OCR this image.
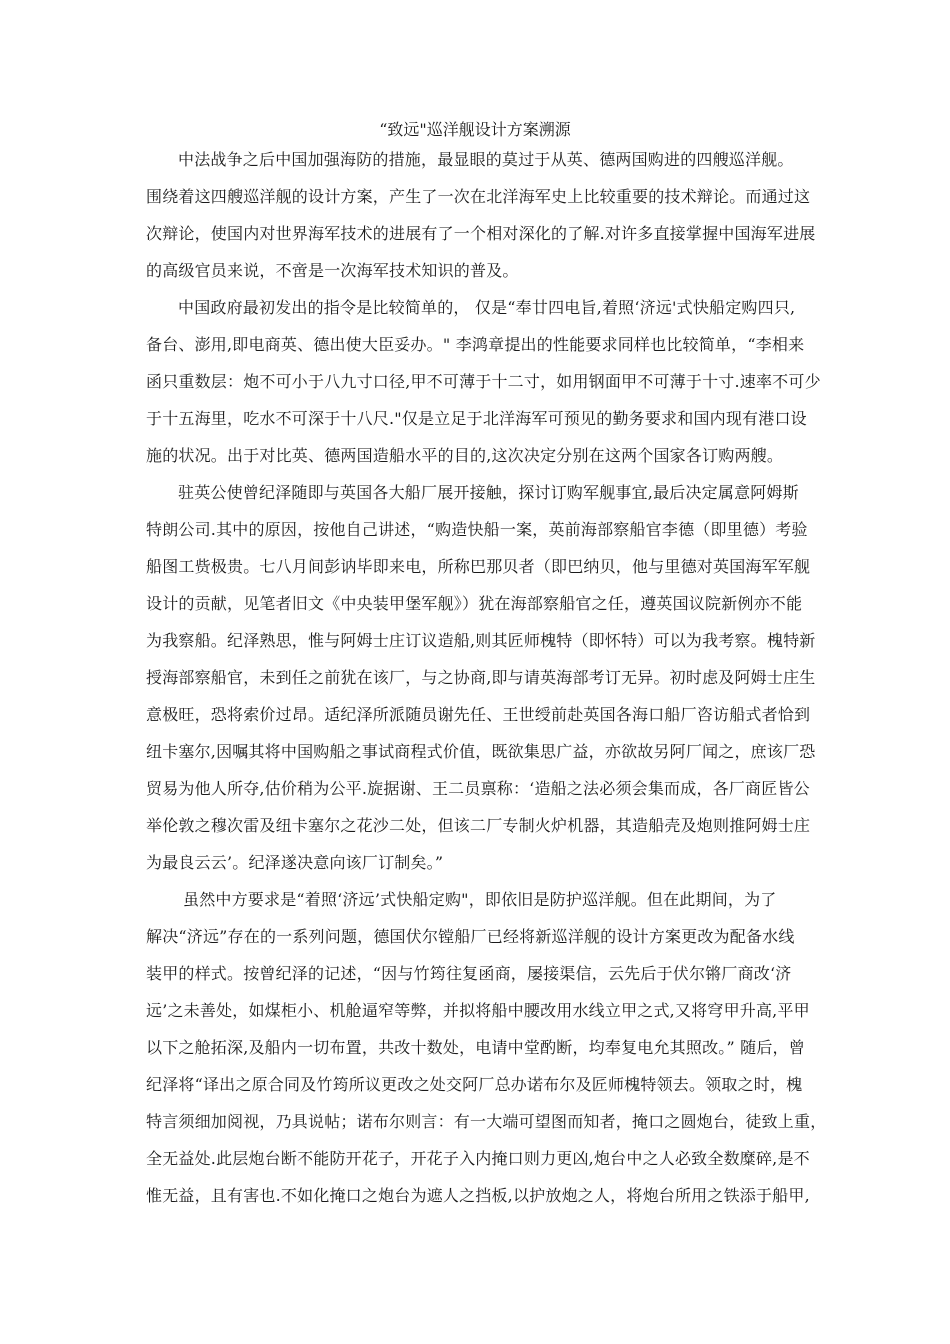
“致远"巡洋舰设计方案溯源
中法战争之后中国加强海防的措施，最显眼的莫过于从英、德两国购进的四艘巡洋舰。
围绕着这四艘巡洋舰的设计方案，产生了一次在北洋海军史上比较重要的技术辩论。而通过这
次辩论，使国内对世界海军技术的进展有了一个相对深化的了解.对许多直接掌握中国海军进展
的高级官员来说，不啻是一次海军技术知识的普及。
中国政府最初发出的指令是比较简单的， 仅是“奉廿四电旨,着照‘济远'式快船定购四只,
备台、澎用,即电商英、德出使大臣妥办。" 李鸿章提出的性能要求同样也比较简单，“李相来
函只重数层：炮不可小于八九寸口径,甲不可薄于十二寸，如用钢面甲不可薄于十寸.速率不可少
于十五海里，吃水不可深于十八尺."仅是立足于北洋海军可预见的勤务要求和国内现有港口设
施的状况。出于对比英、德两国造船水平的目的,这次决定分别在这两个国家各订购两艘。
驻英公使曾纪泽随即与英国各大船厂展开接触，探讨订购军舰事宜,最后决定属意阿姆斯
特朗公司.其中的原因，按他自己讲述，“购造快船一案，英前海部察船官李德（即里德）考验
船图工赀极贵。七八月间彭讷毕即来电，所称巴那贝者（即巴纳贝，他与里德对英国海军军舰
设计的贡献，见笔者旧文《中央装甲堡军舰》）犹在海部察船官之任，遵英国议院新例亦不能
为我察船。纪泽熟思，惟与阿姆士庄订议造船,则其匠师槐特（即怀特）可以为我考察。槐特新
授海部察船官，未到任之前犹在该厂，与之协商,即与请英海部考订无异。初时虑及阿姆士庄生
意极旺，恐将索价过昂。适纪泽所派随员谢先任、王世绶前赴英国各海口船厂咨访船式者恰到
纽卡塞尔,因嘱其将中国购船之事试商程式价值，既欲集思广益，亦欲故另阿厂闻之，庶该厂恐
贸易为他人所夺,估价稍为公平.旋据谢、王二员禀称：‘造船之法必须会集而成，各厂商匠皆公
举伦敦之穆次雷及纽卡塞尔之花沙二处，但该二厂专制火炉机器，其造船壳及炮则推阿姆士庄
为最良云云’。纪泽遂决意向该厂订制矣。”
虽然中方要求是“着照‘济远’式快船定购"，即依旧是防护巡洋舰。但在此期间，为了
解决“济远”存在的一系列问题，德国伏尔镗船厂已经将新巡洋舰的设计方案更改为配备水线
装甲的样式。按曾纪泽的记述，“因与竹筠往复函商，屡接渠信，云先后于伏尔锵厂商改‘济
远’之未善处，如煤柜小、机舱逼窄等弊，并拟将船中腰改用水线立甲之式,又将穹甲升高,平甲
以下之舱拓深,及船内一切布置，共改十数处，电请中堂酌断，均奉复电允其照改。” 随后，曾
纪泽将“译出之原合同及竹筠所议更改之处交阿厂总办诺布尔及匠师槐特领去。领取之时，槐
特言须细加阅视，乃具说帖；诺布尔则言：有一大端可望图而知者，掩口之圆炮台，徒致上重，
全无益处.此层炮台断不能防开花子，开花子入内掩口则力更凶,炮台中之人必致全数糜碎,是不
惟无益，且有害也.不如化掩口之炮台为遮人之挡板,以护放炮之人，将炮台所用之铁添于船甲,
